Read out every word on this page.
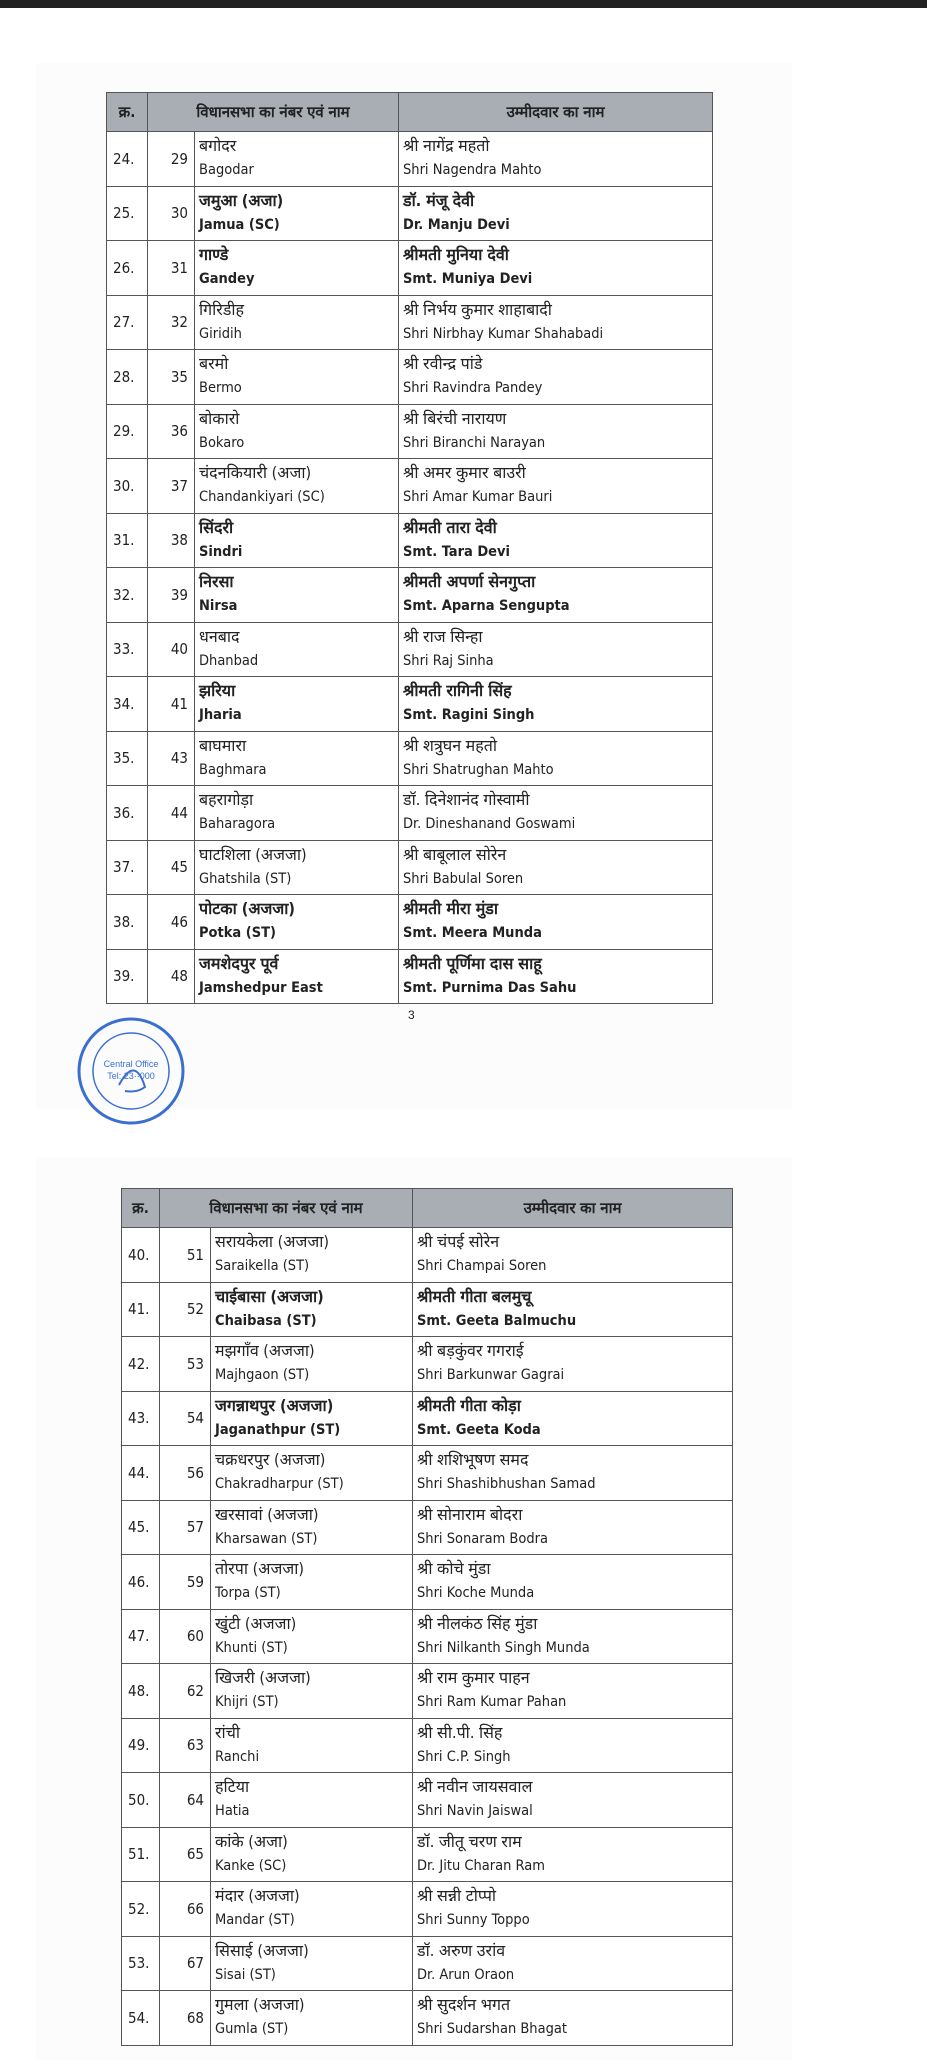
क्र.	विधानसभा का नंबर एवं नाम		उम्मीदवार का नाम
24.	29	बगोदर
Bagodar	श्री नागेंद्र महतो
Shri Nagendra Mahto

25.	30	जमुआ (अजा)
Jamua (SC)	डॉ. मंजू देवी
Dr. Manju Devi

26.	31	गाण्डे
Gandey	श्रीमती मुनिया देवी
Smt. Muniya Devi

27.	32	गिरिडीह
Giridih	श्री निर्भय कुमार शाहाबादी
Shri Nirbhay Kumar Shahabadi

28.	35	बरमो
Bermo	श्री रवीन्द्र पांडे
Shri Ravindra Pandey

29.	36	बोकारो
Bokaro	श्री बिरंची नारायण
Shri Biranchi Narayan

30.	37	चंदनकियारी (अजा)
Chandankiyari (SC)	श्री अमर कुमार बाउरी
Shri Amar Kumar Bauri

31.	38	सिंदरी
Sindri	श्रीमती तारा देवी
Smt. Tara Devi

32.	39	निरसा
Nirsa	श्रीमती अपर्णा सेनगुप्ता
Smt. Aparna Sengupta

33.	40	धनबाद
Dhanbad	श्री राज सिन्हा
Shri Raj Sinha

34.	41	झरिया
Jharia	श्रीमती रागिनी सिंह
Smt. Ragini Singh

35.	43	बाघमारा
Baghmara	श्री शत्रुघन महतो
Shri Shatrughan Mahto

36.	44	बहरागोड़ा
Baharagora	डॉ. दिनेशानंद गोस्वामी
Dr. Dineshanand Goswami

37.	45	घाटशिला (अजजा)
Ghatshila (ST)	श्री बाबूलाल सोरेन
Shri Babulal Soren

38.	46	पोटका (अजजा)
Potka (ST)	श्रीमती मीरा मुंडा
Smt. Meera Munda

39.	48	जमशेदपुर पूर्व
Jamshedpur East	श्रीमती पूर्णिमा दास साहू
Smt. Purnima Das Sahu
3
Central Office
Tel: 23··000
क्र.	विधानसभा का नंबर एवं नाम		उम्मीदवार का नाम
40.	51	सरायकेला (अजजा)
Saraikella (ST)	श्री चंपई सोरेन
Shri Champai Soren

41.	52	चाईबासा (अजजा)
Chaibasa (ST)	श्रीमती गीता बलमुचू
Smt. Geeta Balmuchu

42.	53	मझगाँव (अजजा)
Majhgaon (ST)	श्री बड़कुंवर गगराई
Shri Barkunwar Gagrai

43.	54	जगन्नाथपुर (अजजा)
Jaganathpur (ST)	श्रीमती गीता कोड़ा
Smt. Geeta Koda

44.	56	चक्रधरपुर (अजजा)
Chakradharpur (ST)	श्री शशिभूषण समद
Shri Shashibhushan Samad

45.	57	खरसावां (अजजा)
Kharsawan (ST)	श्री सोनाराम बोदरा
Shri Sonaram Bodra

46.	59	तोरपा (अजजा)
Torpa (ST)	श्री कोचे मुंडा
Shri Koche Munda

47.	60	खुंटी (अजजा)
Khunti (ST)	श्री नीलकंठ सिंह मुंडा
Shri Nilkanth Singh Munda

48.	62	खिजरी (अजजा)
Khijri (ST)	श्री राम कुमार पाहन
Shri Ram Kumar Pahan

49.	63	रांची
Ranchi	श्री सी.पी. सिंह
Shri C.P. Singh

50.	64	हटिया
Hatia	श्री नवीन जायसवाल
Shri Navin Jaiswal

51.	65	कांके (अजा)
Kanke (SC)	डॉ. जीतू चरण राम
Dr. Jitu Charan Ram

52.	66	मंदार (अजजा)
Mandar (ST)	श्री सन्नी टोप्पो
Shri Sunny Toppo

53.	67	सिसाई (अजजा)
Sisai (ST)	डॉ. अरुण उरांव
Dr. Arun Oraon

54.	68	गुमला (अजजा)
Gumla (ST)	श्री सुदर्शन भगत
Shri Sudarshan Bhagat
